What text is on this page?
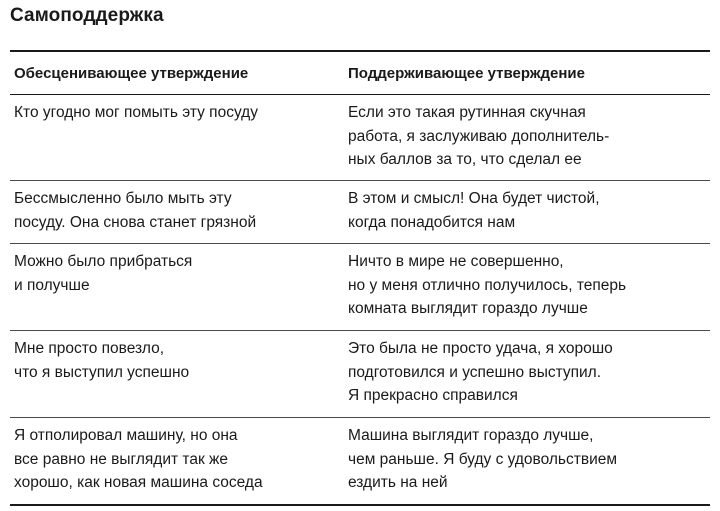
Самоподдержка
Обесценивающее утверждение	Поддерживающее утверждение
Кто угодно мог помыть эту посуду	Если это такая рутинная скучная
работа, я заслуживаю дополнитель-
ных баллов за то, что сделал ее
Бессмысленно было мыть эту
посуду. Она снова станет грязной
В этом и смысл! Она будет чистой,
когда понадобится нам
Можно было прибраться
и получше
Ничто в мире не совершенно,
но у меня отлично получилось, теперь
комната выглядит гораздо лучше
Мне просто повезло,
что я выступил успешно
Это была не просто удача, я хорошо
подготовился и успешно выступил.
Я прекрасно справился
Я отполировал машину, но она
все равно не выглядит так же
хорошо, как новая машина соседа
Машина выглядит гораздо лучше,
чем раньше. Я буду с удовольствием
ездить на ней
